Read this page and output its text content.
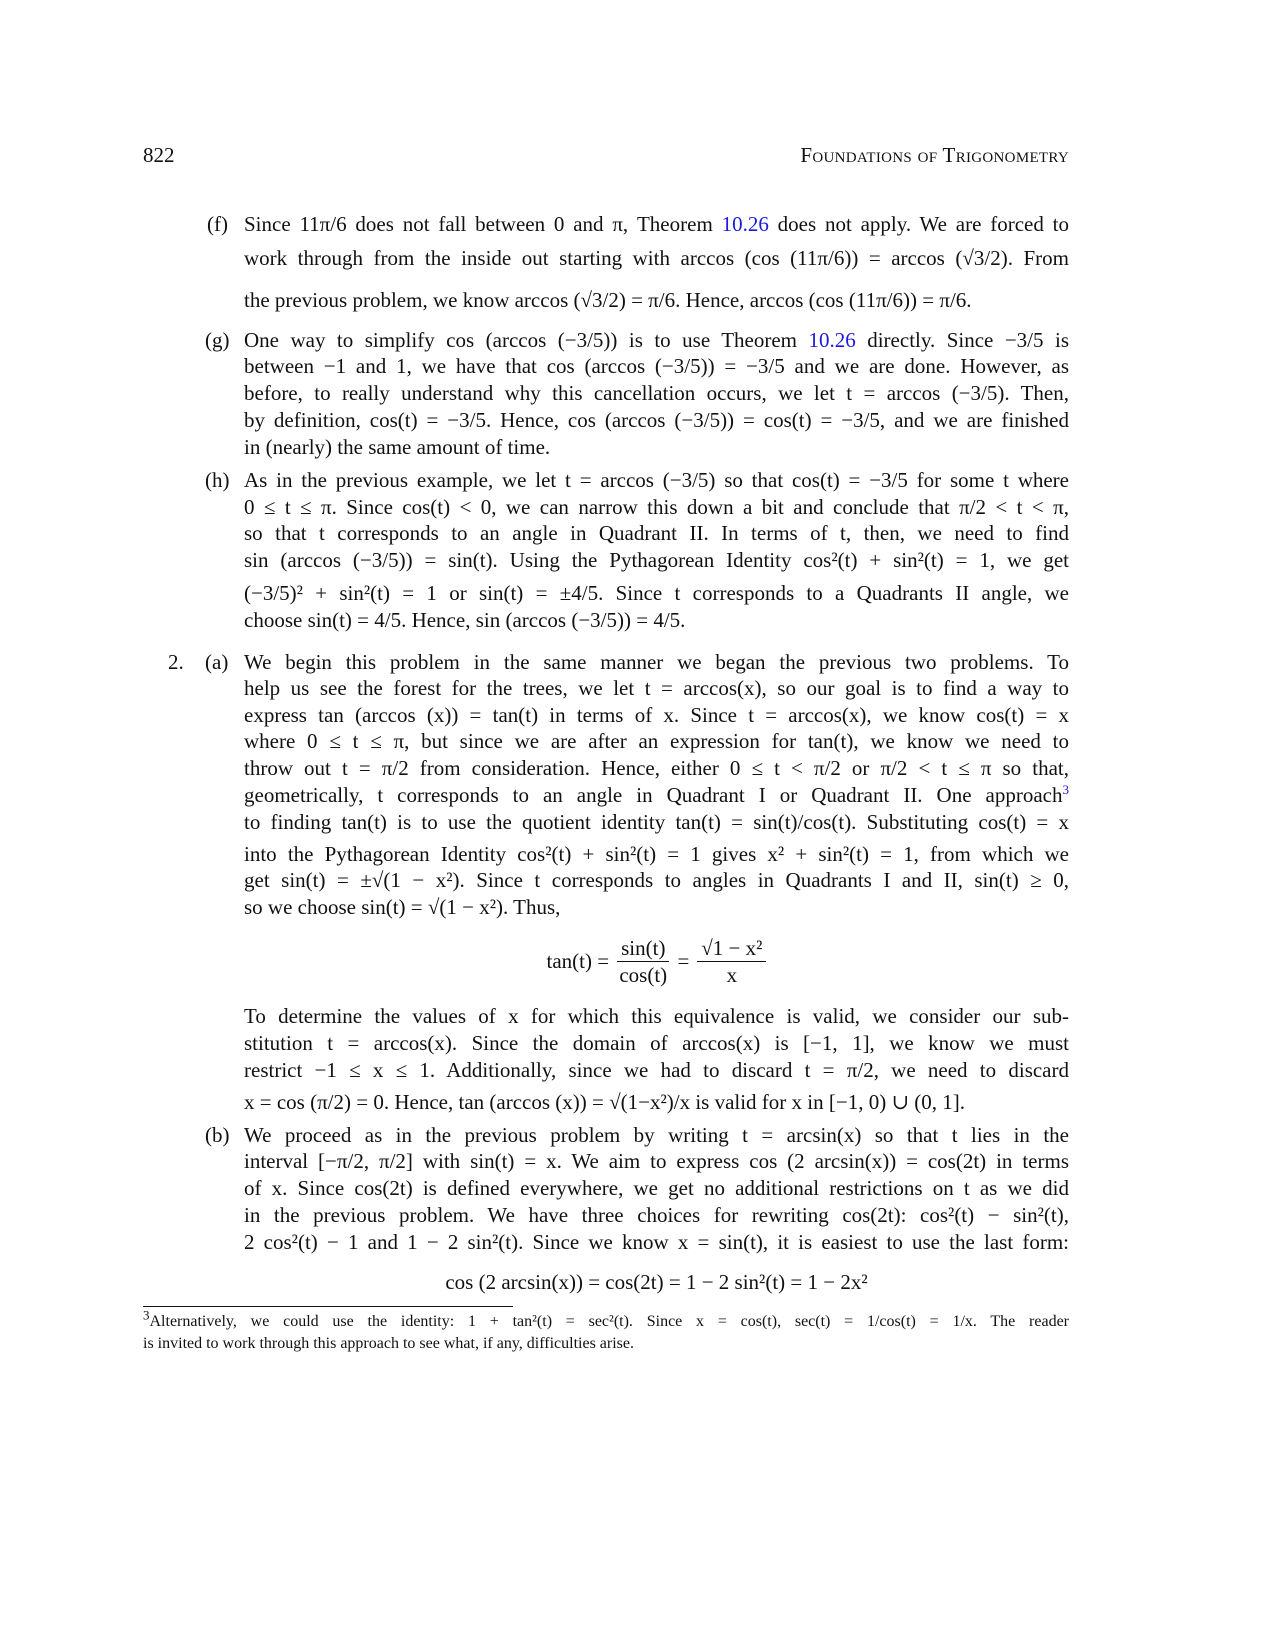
822	Foundations of Trigonometry
(f)
(g)
(h)
2. (a)
(b)
Since 11π/6 does not fall between 0 and π, Theorem 10.26 does not apply. We are forced to
work through from the inside out starting with arccos (cos (11π/6)) = arccos (√3/2). From
the previous problem, we know arccos (√3/2) = π/6. Hence, arccos (cos (11π/6)) = π/6.
One way to simplify cos (arccos (−3/5)) is to use Theorem 10.26 directly. Since −3/5 is
between −1 and 1, we have that cos (arccos (−3/5)) = −3/5 and we are done. However, as
before, to really understand why this cancellation occurs, we let t = arccos (−3/5). Then,
by definition, cos(t) = −3/5. Hence, cos (arccos (−3/5)) = cos(t) = −3/5, and we are finished
in (nearly) the same amount of time.
As in the previous example, we let t = arccos (−3/5) so that cos(t) = −3/5 for some t where
0 ≤ t ≤ π. Since cos(t) < 0, we can narrow this down a bit and conclude that π/2 < t < π,
so that t corresponds to an angle in Quadrant II. In terms of t, then, we need to find
sin (arccos (−3/5)) = sin(t). Using the Pythagorean Identity cos²(t) + sin²(t) = 1, we get
(−3/5)² + sin²(t) = 1 or sin(t) = ±4/5. Since t corresponds to a Quadrants II angle, we
choose sin(t) = 4/5. Hence, sin (arccos (−3/5)) = 4/5.
We begin this problem in the same manner we began the previous two problems. To
help us see the forest for the trees, we let t = arccos(x), so our goal is to find a way to
express tan (arccos (x)) = tan(t) in terms of x. Since t = arccos(x), we know cos(t) = x
where 0 ≤ t ≤ π, but since we are after an expression for tan(t), we know we need to
throw out t = π/2 from consideration. Hence, either 0 ≤ t < π/2 or π/2 < t ≤ π so that,
geometrically, t corresponds to an angle in Quadrant I or Quadrant II. One approach$^3$
to finding tan(t) is to use the quotient identity tan(t) = sin(t)/cos(t). Substituting cos(t) = x
into the Pythagorean Identity cos²(t) + sin²(t) = 1 gives x² + sin²(t) = 1, from which we
get sin(t) = ±√(1 − x²). Since t corresponds to angles in Quadrants I and II, sin(t) ≥ 0,
so we choose sin(t) = √(1 − x²). Thus,
To determine the values of x for which this equivalence is valid, we consider our sub-
stitution t = arccos(x). Since the domain of arccos(x) is [−1, 1], we know we must
restrict −1 ≤ x ≤ 1. Additionally, since we had to discard t = π/2, we need to discard
x = cos (π/2) = 0. Hence, tan (arccos (x)) = √(1−x²)/x is valid for x in [−1, 0) ∪ (0, 1].
We proceed as in the previous problem by writing t = arcsin(x) so that t lies in the
interval [−π/2, π/2] with sin(t) = x. We aim to express cos (2 arcsin(x)) = cos(2t) in terms
of x. Since cos(2t) is defined everywhere, we get no additional restrictions on t as we did
in the previous problem. We have three choices for rewriting cos(2t): cos²(t) − sin²(t),
2 cos²(t) − 1 and 1 − 2 sin²(t). Since we know x = sin(t), it is easiest to use the last form:
$\tan(t) = \frac{\sin(t)}{\cos(t)} = \frac{\text{√1 − x²}}{x}$
cos (2 arcsin(x)) = cos(2t) = 1 − 2 sin²(t) = 1 − 2x²
$^3$Alternatively, we could use the identity: 1 + tan²(t) = sec²(t). Since x = cos(t), sec(t) = 1/cos(t) = 1/x. The reader
is invited to work through this approach to see what, if any, difficulties arise.
